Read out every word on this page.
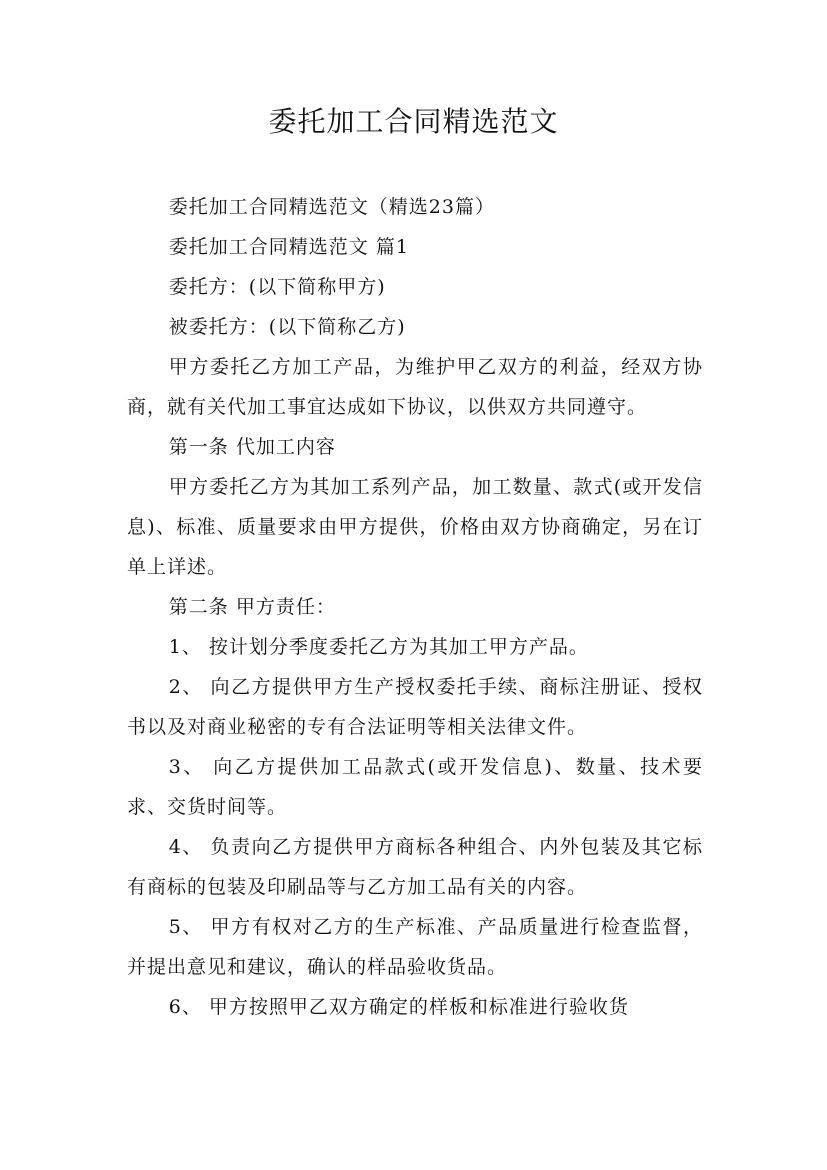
委托加工合同精选范文

委托加工合同精选范文（精选23篇）

委托加工合同精选范文 篇1

委托方：(以下简称甲方)

被委托方：(以下简称乙方)

甲方委托乙方加工产品，为维护甲乙双方的利益，经双方协商，就有关代加工事宜达成如下协议，以供双方共同遵守。

第一条 代加工内容

甲方委托乙方为其加工系列产品，加工数量、款式(或开发信息)、标准、质量要求由甲方提供，价格由双方协商确定，另在订单上详述。

第二条 甲方责任：

1、 按计划分季度委托乙方为其加工甲方产品。

2、 向乙方提供甲方生产授权委托手续、商标注册证、授权书以及对商业秘密的专有合法证明等相关法律文件。

3、 向乙方提供加工品款式(或开发信息)、数量、技术要求、交货时间等。

4、 负责向乙方提供甲方商标各种组合、内外包装及其它标有商标的包装及印刷品等与乙方加工品有关的内容。

5、 甲方有权对乙方的生产标准、产品质量进行检查监督，并提出意见和建议，确认的样品验收货品。

6、 甲方按照甲乙双方确定的样板和标准进行验收货
